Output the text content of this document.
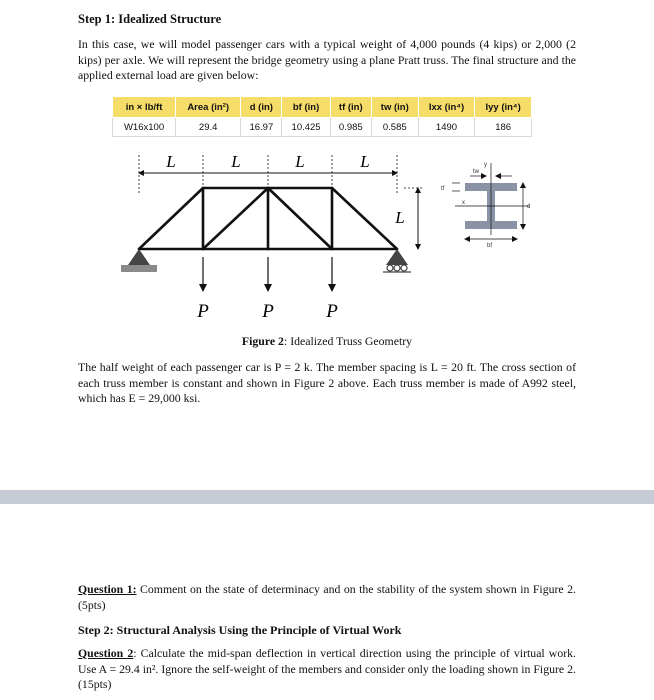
Step 1: Idealized Structure
In this case, we will model passenger cars with a typical weight of 4,000 pounds (4 kips) or 2,000 (2 kips) per axle. We will represent the bridge geometry using a plane Pratt truss. The final structure and the applied external load are given below:
in × lb/ft	Area (in²)	d (in)	bf (in)	tf (in)	tw (in)	Ixx (in⁴)	Iyy (in⁴)
W16x100	29.4	16.97	10.425	0.985	0.585	1490	186
L	L	L	L
L
P	P	P
tw
y
x
tf
d
bf
Figure 2: Idealized Truss Geometry
The half weight of each passenger car is P = 2 k. The member spacing is L = 20 ft. The cross section of each truss member is constant and shown in Figure 2 above. Each truss member is made of A992 steel, which has E = 29,000 ksi.
Question 1: Comment on the state of determinacy and on the stability of the system shown in Figure 2. (5pts)
Step 2: Structural Analysis Using the Principle of Virtual Work
Question 2: Calculate the mid-span deflection in vertical direction using the principle of virtual work. Use A = 29.4 in². Ignore the self-weight of the members and consider only the loading shown in Figure 2. (15pts)
